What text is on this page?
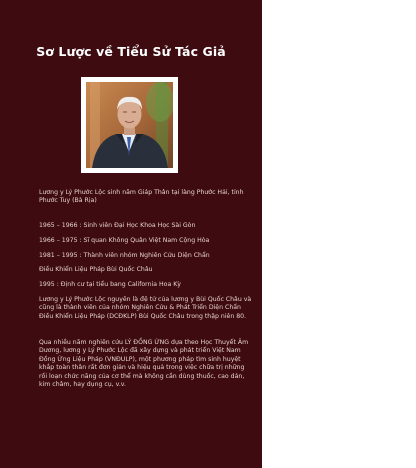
Sơ Lược về Tiểu Sử Tác Giả
Lương y Lý Phước Lộc sinh năm Giáp Thân tại làng Phước Hải, tỉnh Phước Tuy (Bà Rịa)
1965 – 1966 : Sinh viên Đại Học Khoa Học Sài Gòn
1966 – 1975 : Sĩ quan Không Quân Việt Nam Cộng Hòa
1981 – 1995 : Thành viên nhóm Nghiên Cứu Diện Chẩn
Điều Khiển Liệu Pháp Bùi Quốc Châu
1995 : Định cư tại tiểu bang California Hoa Kỳ
Lương y Lý Phước Lộc nguyên là đệ tử của lương y Bùi Quốc Châu và cũng là thành viên của nhóm Nghiên Cứu & Phát Triển Diện Chẩn Điều Khiển Liệu Pháp (DCĐKLP) Bùi Quốc Châu trong thập niên 80.
Qua nhiều năm nghiên cứu LÝ ĐỒNG ỨNG dựa theo Học Thuyết Âm Dương, lương y Lý Phước Lộc đã xây dựng và phát triển Việt Nam Đồng Ứng Liệu Pháp (VNĐULP), một phương pháp tìm sinh huyệt khắp toàn thân rất đơn giản và hiệu quả trong việc chữa trị những rối loạn chức năng của cơ thể mà không cần dùng thuốc, cao dán, kim châm, hay dụng cụ, v.v.
